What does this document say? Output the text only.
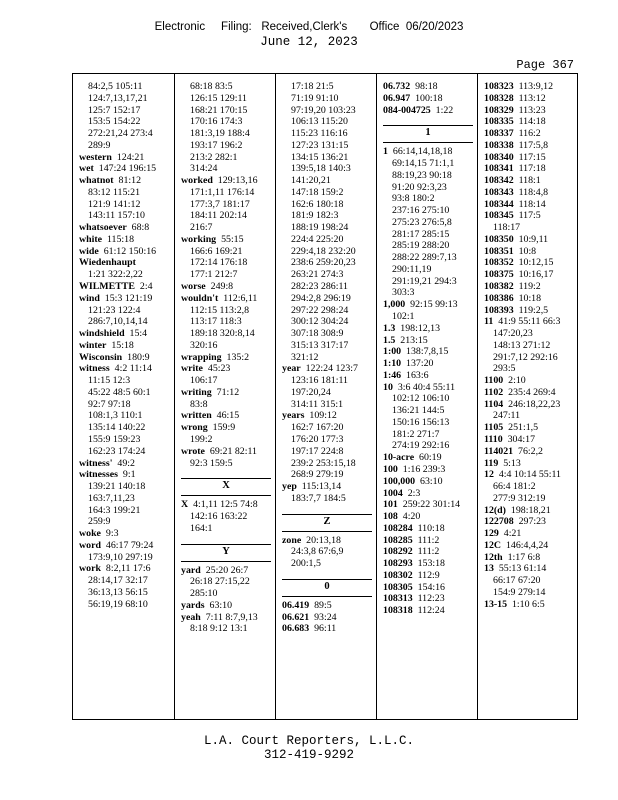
Electronic     Filing:   Received,Clerk's       Office  06/20/2023
June 12, 2023
Page 367
84:2,5 105:11
124:7,13,17,21
125:7 152:17
153:5 154:22
272:21,24 273:4
289:9
western 124:21
wet 147:24 196:15
whatnot 81:12
83:12 115:21
121:9 141:12
143:11 157:10
whatsoever 68:8
white 115:18
wide 61:12 150:16
Wiedenhaupt
1:21 322:2,22
WILMETTE 2:4
wind 15:3 121:19
121:23 122:4
286:7,10,14,14
windshield 15:4
winter 15:18
Wisconsin 180:9
witness 4:2 11:14
11:15 12:3
45:22 48:5 60:1
92:7 97:18
108:1,3 110:1
135:14 140:22
155:9 159:23
162:23 174:24
witness' 49:2
witnesses 9:1
139:21 140:18
163:7,11,23
164:3 199:21
259:9
woke 9:3
word 46:17 79:24
173:9,10 297:19
work 8:2,11 17:6
28:14,17 32:17
36:13,13 56:15
56:19,19 68:10
68:18 83:5
126:15 129:11
168:21 170:15
170:16 174:3
181:3,19 188:4
193:17 196:2
213:2 282:1
314:24
worked 129:13,16
171:1,11 176:14
177:3,7 181:17
184:11 202:14
216:7
working 55:15
166:6 169:21
172:14 176:18
177:1 212:7
worse 249:8
wouldn't 112:6,11
112:15 113:2,8
113:17 118:3
189:18 320:8,14
320:16
wrapping 135:2
write 45:23
106:17
writing 71:12
83:8
written 46:15
wrong 159:9
199:2
wrote 69:21 82:11
92:3 159:5
X
X 4:1,11 12:5 74:8
142:16 163:22
164:1
Y
yard 25:20 26:7
26:18 27:15,22
285:10
yards 63:10
yeah 7:11 8:7,9,13
8:18 9:12 13:1
17:18 21:5
71:19 91:10
97:19,20 103:23
106:13 115:20
115:23 116:16
127:23 131:15
134:15 136:21
139:5,18 140:3
141:20,21
147:18 159:2
162:6 180:18
181:9 182:3
188:19 198:24
224:4 225:20
229:4,18 232:20
238:6 259:20,23
263:21 274:3
282:23 286:11
294:2,8 296:19
297:22 298:24
300:12 304:24
307:18 308:9
315:13 317:17
321:12
year 122:24 123:7
123:16 181:11
197:20,24
314:11 315:1
years 109:12
162:7 167:20
176:20 177:3
197:17 224:8
239:2 253:15,18
268:9 279:19
yep 115:13,14
183:7,7 184:5
Z
zone 20:13,18
24:3,8 67:6,9
200:1,5
0
06.419 89:5
06.621 93:24
06.683 96:11
06.732 98:18
06.947 100:18
084-004725 1:22
1
1 66:14,14,18,18
69:14,15 71:1,1
88:19,23 90:18
91:20 92:3,23
93:8 180:2
237:16 275:10
275:23 276:5,8
281:17 285:15
285:19 288:20
288:22 289:7,13
290:11,19
291:19,21 294:3
303:3
1,000 92:15 99:13
102:1
1.3 198:12,13
1.5 213:15
1:00 138:7,8,15
1:10 137:20
1:46 163:6
10 3:6 40:4 55:11
102:12 106:10
136:21 144:5
150:16 156:13
181:2 271:7
274:19 292:16
10-acre 60:19
100 1:16 239:3
100,000 63:10
1004 2:3
101 259:22 301:14
108 4:20
108284 110:18
108285 111:2
108292 111:2
108293 153:18
108302 112:9
108305 154:16
108313 112:23
108318 112:24
108323 113:9,12
108328 113:12
108329 113:23
108335 114:18
108337 116:2
108338 117:5,8
108340 117:15
108341 117:18
108342 118:1
108343 118:4,8
108344 118:14
108345 117:5
118:17
108350 10:9,11
108351 10:8
108352 10:12,15
108375 10:16,17
108382 119:2
108386 10:18
108393 119:2,5
11 41:9 55:11 66:3
147:20,23
148:13 271:12
291:7,12 292:16
293:5
1100 2:10
1102 235:4 269:4
1104 246:18,22,23
247:11
1105 251:1,5
1110 304:17
114021 76:2,2
119 5:13
12 4:4 10:14 55:11
66:4 181:2
277:9 312:19
12(d) 198:18,21
122708 297:23
129 4:21
12C 146:4,4,24
12th 1:17 6:8
13 55:13 61:14
66:17 67:20
154:9 279:14
13-15 1:10 6:5
L.A. Court Reporters, L.L.C.
312-419-9292
